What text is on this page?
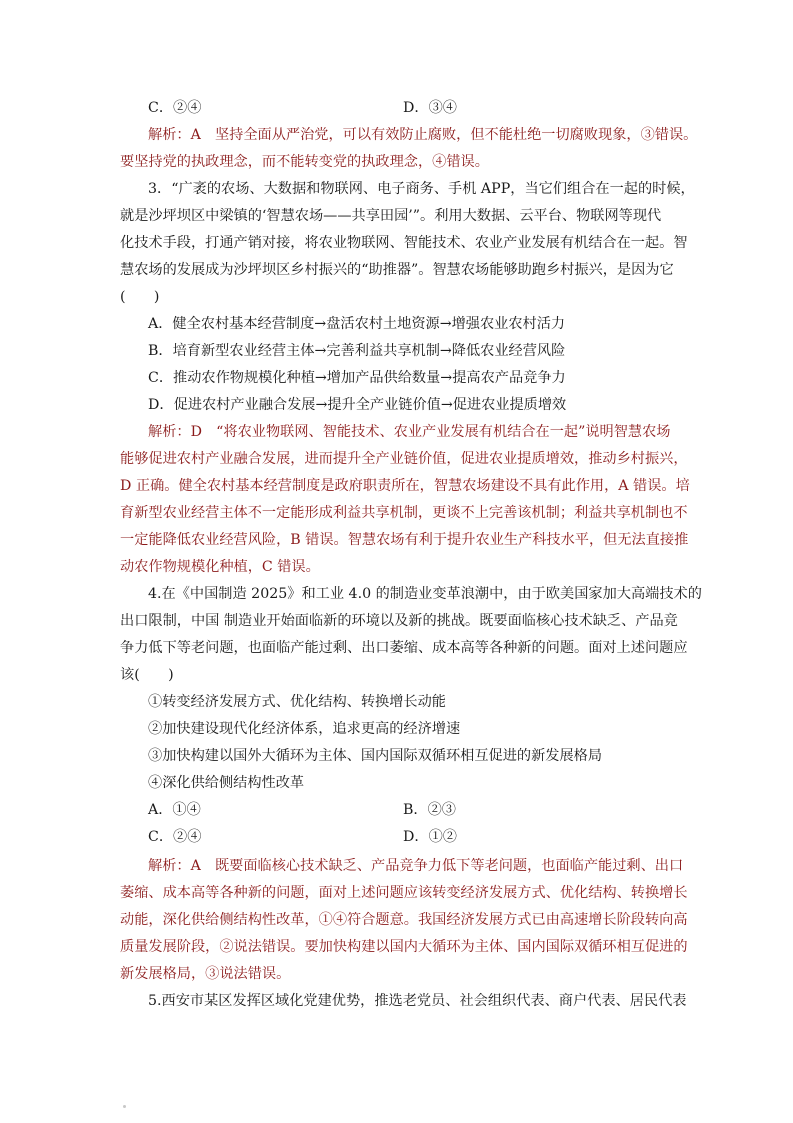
C．②④	D．③④
解析：A　坚持全面从严治党，可以有效防止腐败，但不能杜绝一切腐败现象，③错误。
要坚持党的执政理念，而不能转变党的执政理念，④错误。
3．“广袤的农场、大数据和物联网、电子商务、手机 APP，当它们组合在一起的时候，
就是沙坪坝区中梁镇的‘智慧农场——共享田园’”。利用大数据、云平台、物联网等现代
化技术手段，打通产销对接，将农业物联网、智能技术、农业产业发展有机结合在一起。智
慧农场的发展成为沙坪坝区乡村振兴的“助推器”。智慧农场能够助跑乡村振兴，是因为它
(　　)
A．健全农村基本经营制度→盘活农村土地资源→增强农业农村活力
B．培育新型农业经营主体→完善利益共享机制→降低农业经营风险
C．推动农作物规模化种植→增加产品供给数量→提高农产品竞争力
D．促进农村产业融合发展→提升全产业链价值→促进农业提质增效
解析：D　“将农业物联网、智能技术、农业产业发展有机结合在一起”说明智慧农场
能够促进农村产业融合发展，进而提升全产业链价值，促进农业提质增效，推动乡村振兴，
D 正确。健全农村基本经营制度是政府职责所在，智慧农场建设不具有此作用，A 错误。培
育新型农业经营主体不一定能形成利益共享机制，更谈不上完善该机制；利益共享机制也不
一定能降低农业经营风险，B 错误。智慧农场有利于提升农业生产科技水平，但无法直接推
动农作物规模化种植，C 错误。
4.在《中国制造 2025》和工业 4.0 的制造业变革浪潮中，由于欧美国家加大高端技术的
出口限制，中国 制造业开始面临新的环境以及新的挑战。既要面临核心技术缺乏、产品竞
争力低下等老问题，也面临产能过剩、出口萎缩、成本高等各种新的问题。面对上述问题应
该(　　)
①转变经济发展方式、优化结构、转换增长动能
②加快建设现代化经济体系，追求更高的经济增速
③加快构建以国外大循环为主体、国内国际双循环相互促进的新发展格局
④深化供给侧结构性改革
A．①④	B．②③
C．②④	D．①②
解析：A　既要面临核心技术缺乏、产品竞争力低下等老问题，也面临产能过剩、出口
萎缩、成本高等各种新的问题，面对上述问题应该转变经济发展方式、优化结构、转换增长
动能，深化供给侧结构性改革，①④符合题意。我国经济发展方式已由高速增长阶段转向高
质量发展阶段，②说法错误。要加快构建以国内大循环为主体、国内国际双循环相互促进的
新发展格局，③说法错误。
5.西安市某区发挥区域化党建优势，推选老党员、社会组织代表、商户代表、居民代表
